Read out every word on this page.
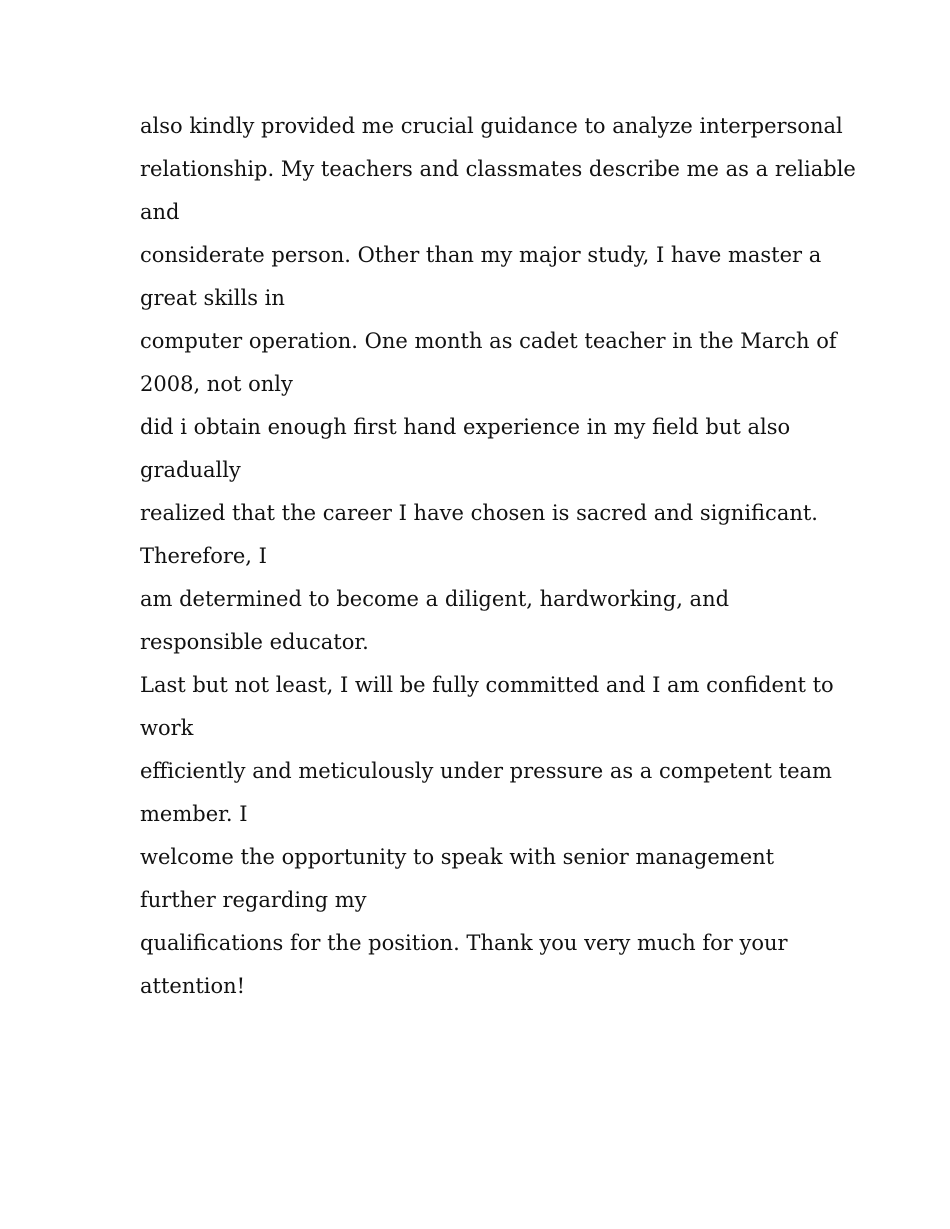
also kindly provided me crucial guidance to analyze interpersonal
relationship. My teachers and classmates describe me as a reliable
and
considerate person. Other than my major study, I have master a
great skills in
computer operation. One month as cadet teacher in the March of
2008, not only
did i obtain enough first hand experience in my field but also
gradually
realized that the career I have chosen is sacred and significant.
Therefore, I
am determined to become a diligent, hardworking, and
responsible educator.
Last but not least, I will be fully committed and I am confident to
work
efficiently and meticulously under pressure as a competent team
member. I
welcome the opportunity to speak with senior management
further regarding my
qualifications for the position. Thank you very much for your
attention!
